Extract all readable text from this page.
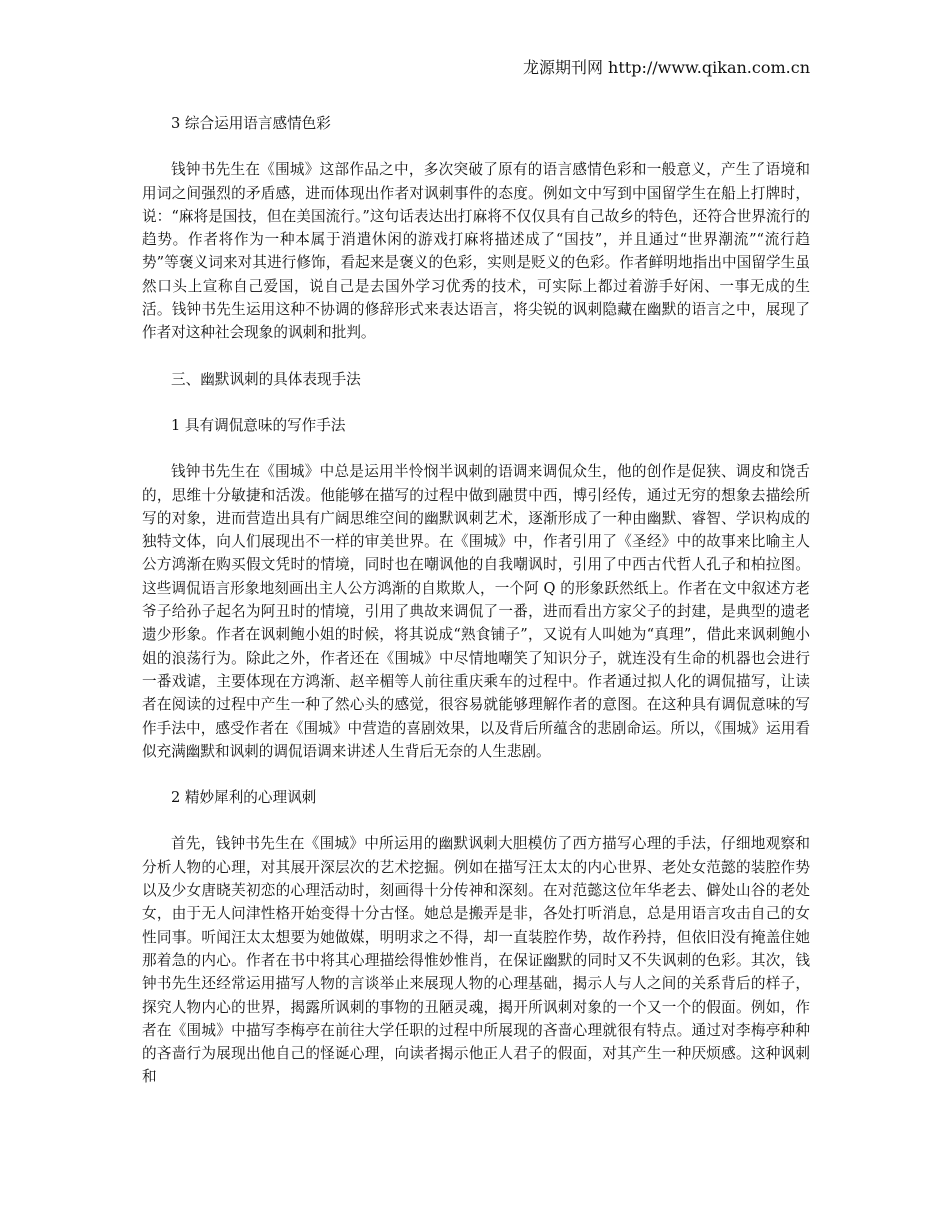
龙源期刊网 http://www.qikan.com.cn

3 综合运用语言感情色彩

钱钟书先生在《围城》这部作品之中，多次突破了原有的语言感情色彩和一般意义，产生了语境和用词之间强烈的矛盾感，进而体现出作者对讽刺事件的态度。例如文中写到中国留学生在船上打牌时，说：“麻将是国技，但在美国流行。”这句话表达出打麻将不仅仅具有自己故乡的特色，还符合世界流行的趋势。作者将作为一种本属于消遣休闲的游戏打麻将描述成了“国技”，并且通过“世界潮流”“流行趋势”等褒义词来对其进行修饰，看起来是褒义的色彩，实则是贬义的色彩。作者鲜明地指出中国留学生虽然口头上宣称自己爱国，说自己是去国外学习优秀的技术，可实际上都过着游手好闲、一事无成的生活。钱钟书先生运用这种不协调的修辞形式来表达语言，将尖锐的讽刺隐藏在幽默的语言之中，展现了作者对这种社会现象的讽刺和批判。

三、幽默讽刺的具体表现手法

1 具有调侃意味的写作手法

钱钟书先生在《围城》中总是运用半怜悯半讽刺的语调来调侃众生，他的创作是促狭、调皮和饶舌的，思维十分敏捷和活泼。他能够在描写的过程中做到融贯中西，博引经传，通过无穷的想象去描绘所写的对象，进而营造出具有广阔思维空间的幽默讽刺艺术，逐渐形成了一种由幽默、睿智、学识构成的独特文体，向人们展现出不一样的审美世界。在《围城》中，作者引用了《圣经》中的故事来比喻主人公方鸿渐在购买假文凭时的情境，同时也在嘲讽他的自我嘲讽时，引用了中西古代哲人孔子和柏拉图。这些调侃语言形象地刻画出主人公方鸿渐的自欺欺人，一个阿 Q 的形象跃然纸上。作者在文中叙述方老爷子给孙子起名为阿丑时的情境，引用了典故来调侃了一番，进而看出方家父子的封建，是典型的遗老遗少形象。作者在讽刺鲍小姐的时候，将其说成“熟食铺子”，又说有人叫她为“真理”，借此来讽刺鲍小姐的浪荡行为。除此之外，作者还在《围城》中尽情地嘲笑了知识分子，就连没有生命的机器也会进行一番戏谑，主要体现在方鸿渐、赵辛楣等人前往重庆乘车的过程中。作者通过拟人化的调侃描写，让读者在阅读的过程中产生一种了然心头的感觉，很容易就能够理解作者的意图。在这种具有调侃意味的写作手法中，感受作者在《围城》中营造的喜剧效果，以及背后所蕴含的悲剧命运。所以，《围城》运用看似充满幽默和讽刺的调侃语调来讲述人生背后无奈的人生悲剧。

2 精妙犀利的心理讽刺

首先，钱钟书先生在《围城》中所运用的幽默讽刺大胆模仿了西方描写心理的手法，仔细地观察和分析人物的心理，对其展开深层次的艺术挖掘。例如在描写汪太太的内心世界、老处女范懿的装腔作势以及少女唐晓芙初恋的心理活动时，刻画得十分传神和深刻。在对范懿这位年华老去、僻处山谷的老处女，由于无人问津性格开始变得十分古怪。她总是搬弄是非，各处打听消息，总是用语言攻击自己的女性同事。听闻汪太太想要为她做媒，明明求之不得，却一直装腔作势，故作矜持，但依旧没有掩盖住她那着急的内心。作者在书中将其心理描绘得惟妙惟肖，在保证幽默的同时又不失讽刺的色彩。其次，钱钟书先生还经常运用描写人物的言谈举止来展现人物的心理基础，揭示人与人之间的关系背后的样子，探究人物内心的世界，揭露所讽刺的事物的丑陋灵魂，揭开所讽刺对象的一个又一个的假面。例如，作者在《围城》中描写李梅亭在前往大学任职的过程中所展现的吝啬心理就很有特点。通过对李梅亭种种的吝啬行为展现出他自己的怪诞心理，向读者揭示他正人君子的假面，对其产生一种厌烦感。这种讽刺和
